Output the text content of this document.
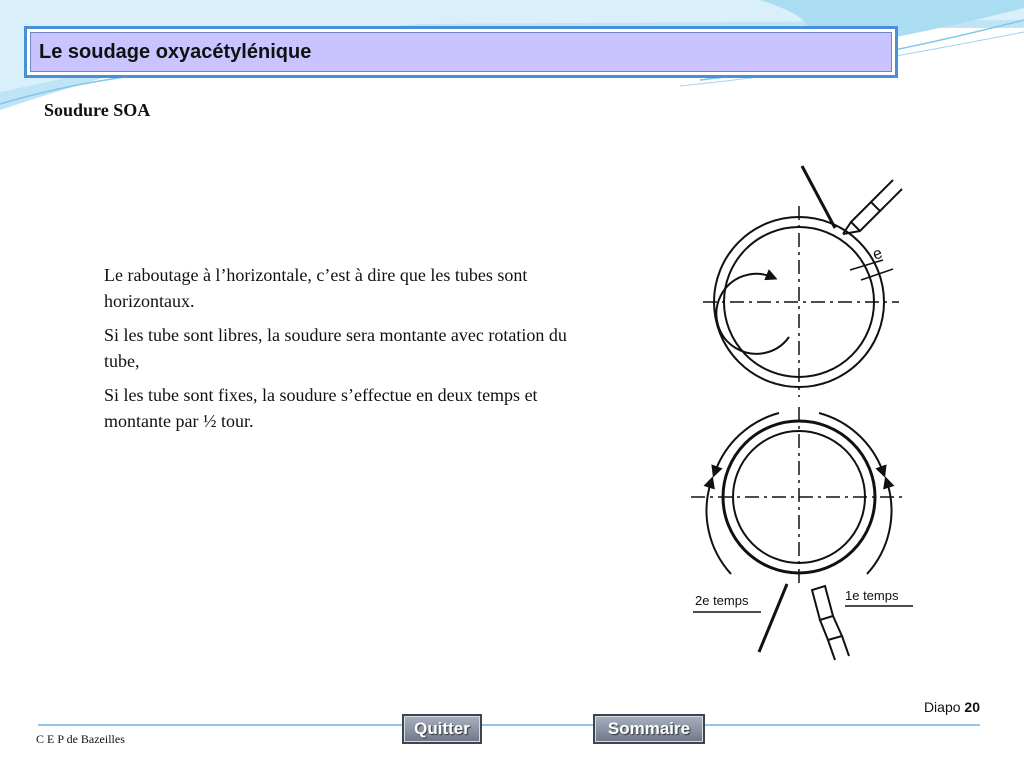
Le soudage oxyacétylénique
Soudure SOA

Le raboutage à l’horizontale, c’est à dire que les tubes sont horizontaux.

Si les tube sont libres, la soudure sera montante avec rotation du tube,

Si les tube sont fixes, la soudure s’effectue en deux temps et montante par ½ tour.

e
2e temps	1e temps
Diapo 20
C E P de Bazeilles
Quitter	Sommaire
